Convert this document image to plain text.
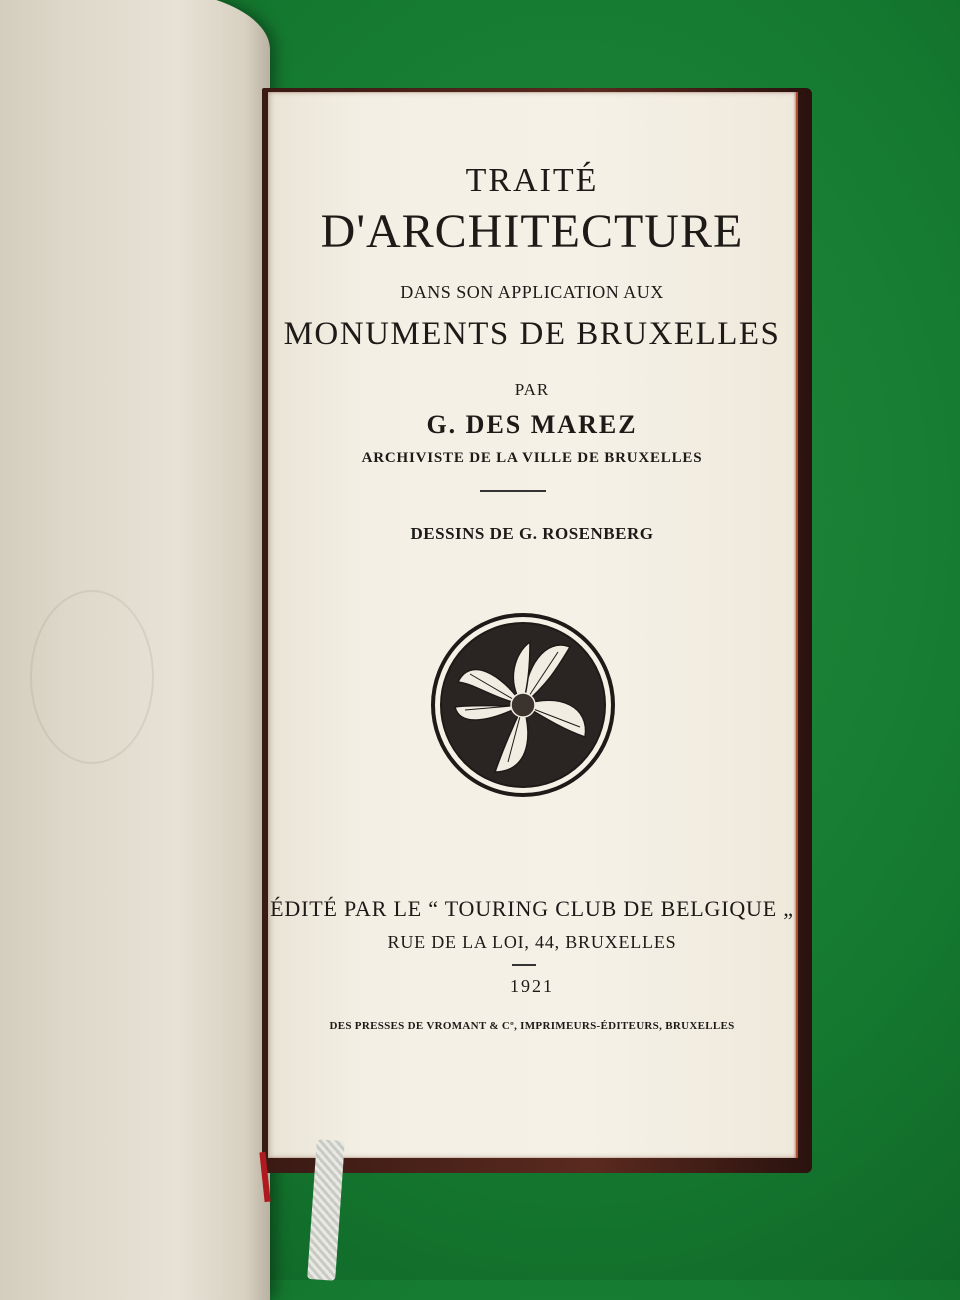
TRAITÉ
D'ARCHITECTURE
DANS SON APPLICATION AUX
MONUMENTS DE BRUXELLES
PAR
G. DES MAREZ
ARCHIVISTE DE LA VILLE DE BRUXELLES
DESSINS DE G. ROSENBERG
ÉDITÉ PAR LE “ TOURING CLUB DE BELGIQUE „
RUE DE LA LOI, 44, BRUXELLES
1921
DES PRESSES DE VROMANT & Cº, IMPRIMEURS-ÉDITEURS, BRUXELLES
